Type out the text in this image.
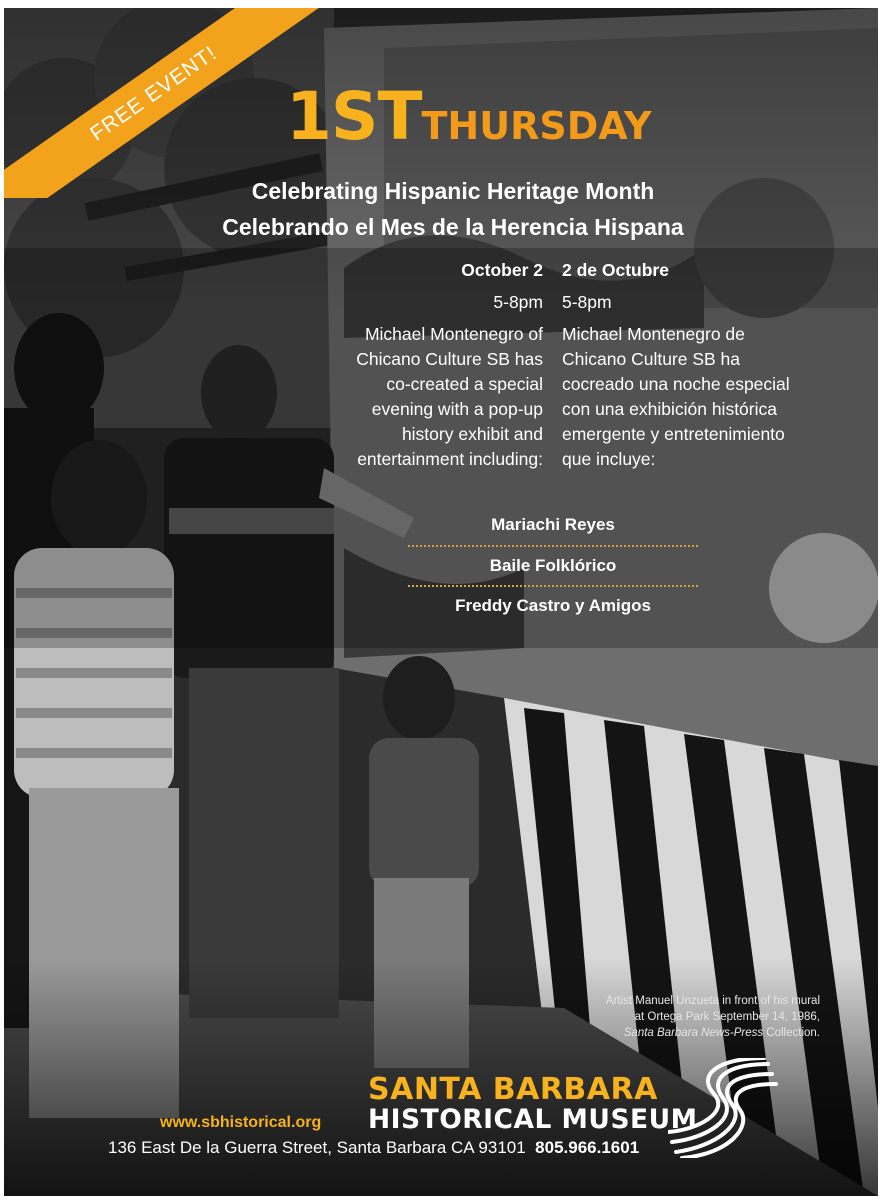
FREE EVENT! 1STTHURSDAY
Celebrating Hispanic Heritage Month
Celebrando el Mes de la Herencia Hispana
October 2
5-8pm
Michael Montenegro of Chicano Culture SB has co-created a special evening with a pop-up history exhibit and entertainment including:
2 de Octubre
5-8pm
Michael Montenegro de Chicano Culture SB ha cocreado una noche especial con una exhibición histórica emergente y entretenimiento que incluye:
Mariachi Reyes
Baile Folklórico
Freddy Castro y Amigos
Artist Manuel Unzueta in front of his mural
at Ortega Park September 14, 1986,
Santa Barbara News-Press Collection.
SANTA BARBARA
HISTORICAL MUSEUM
www.sbhistorical.org
136 East De la Guerra Street, Santa Barbara CA 93101 805.966.1601
